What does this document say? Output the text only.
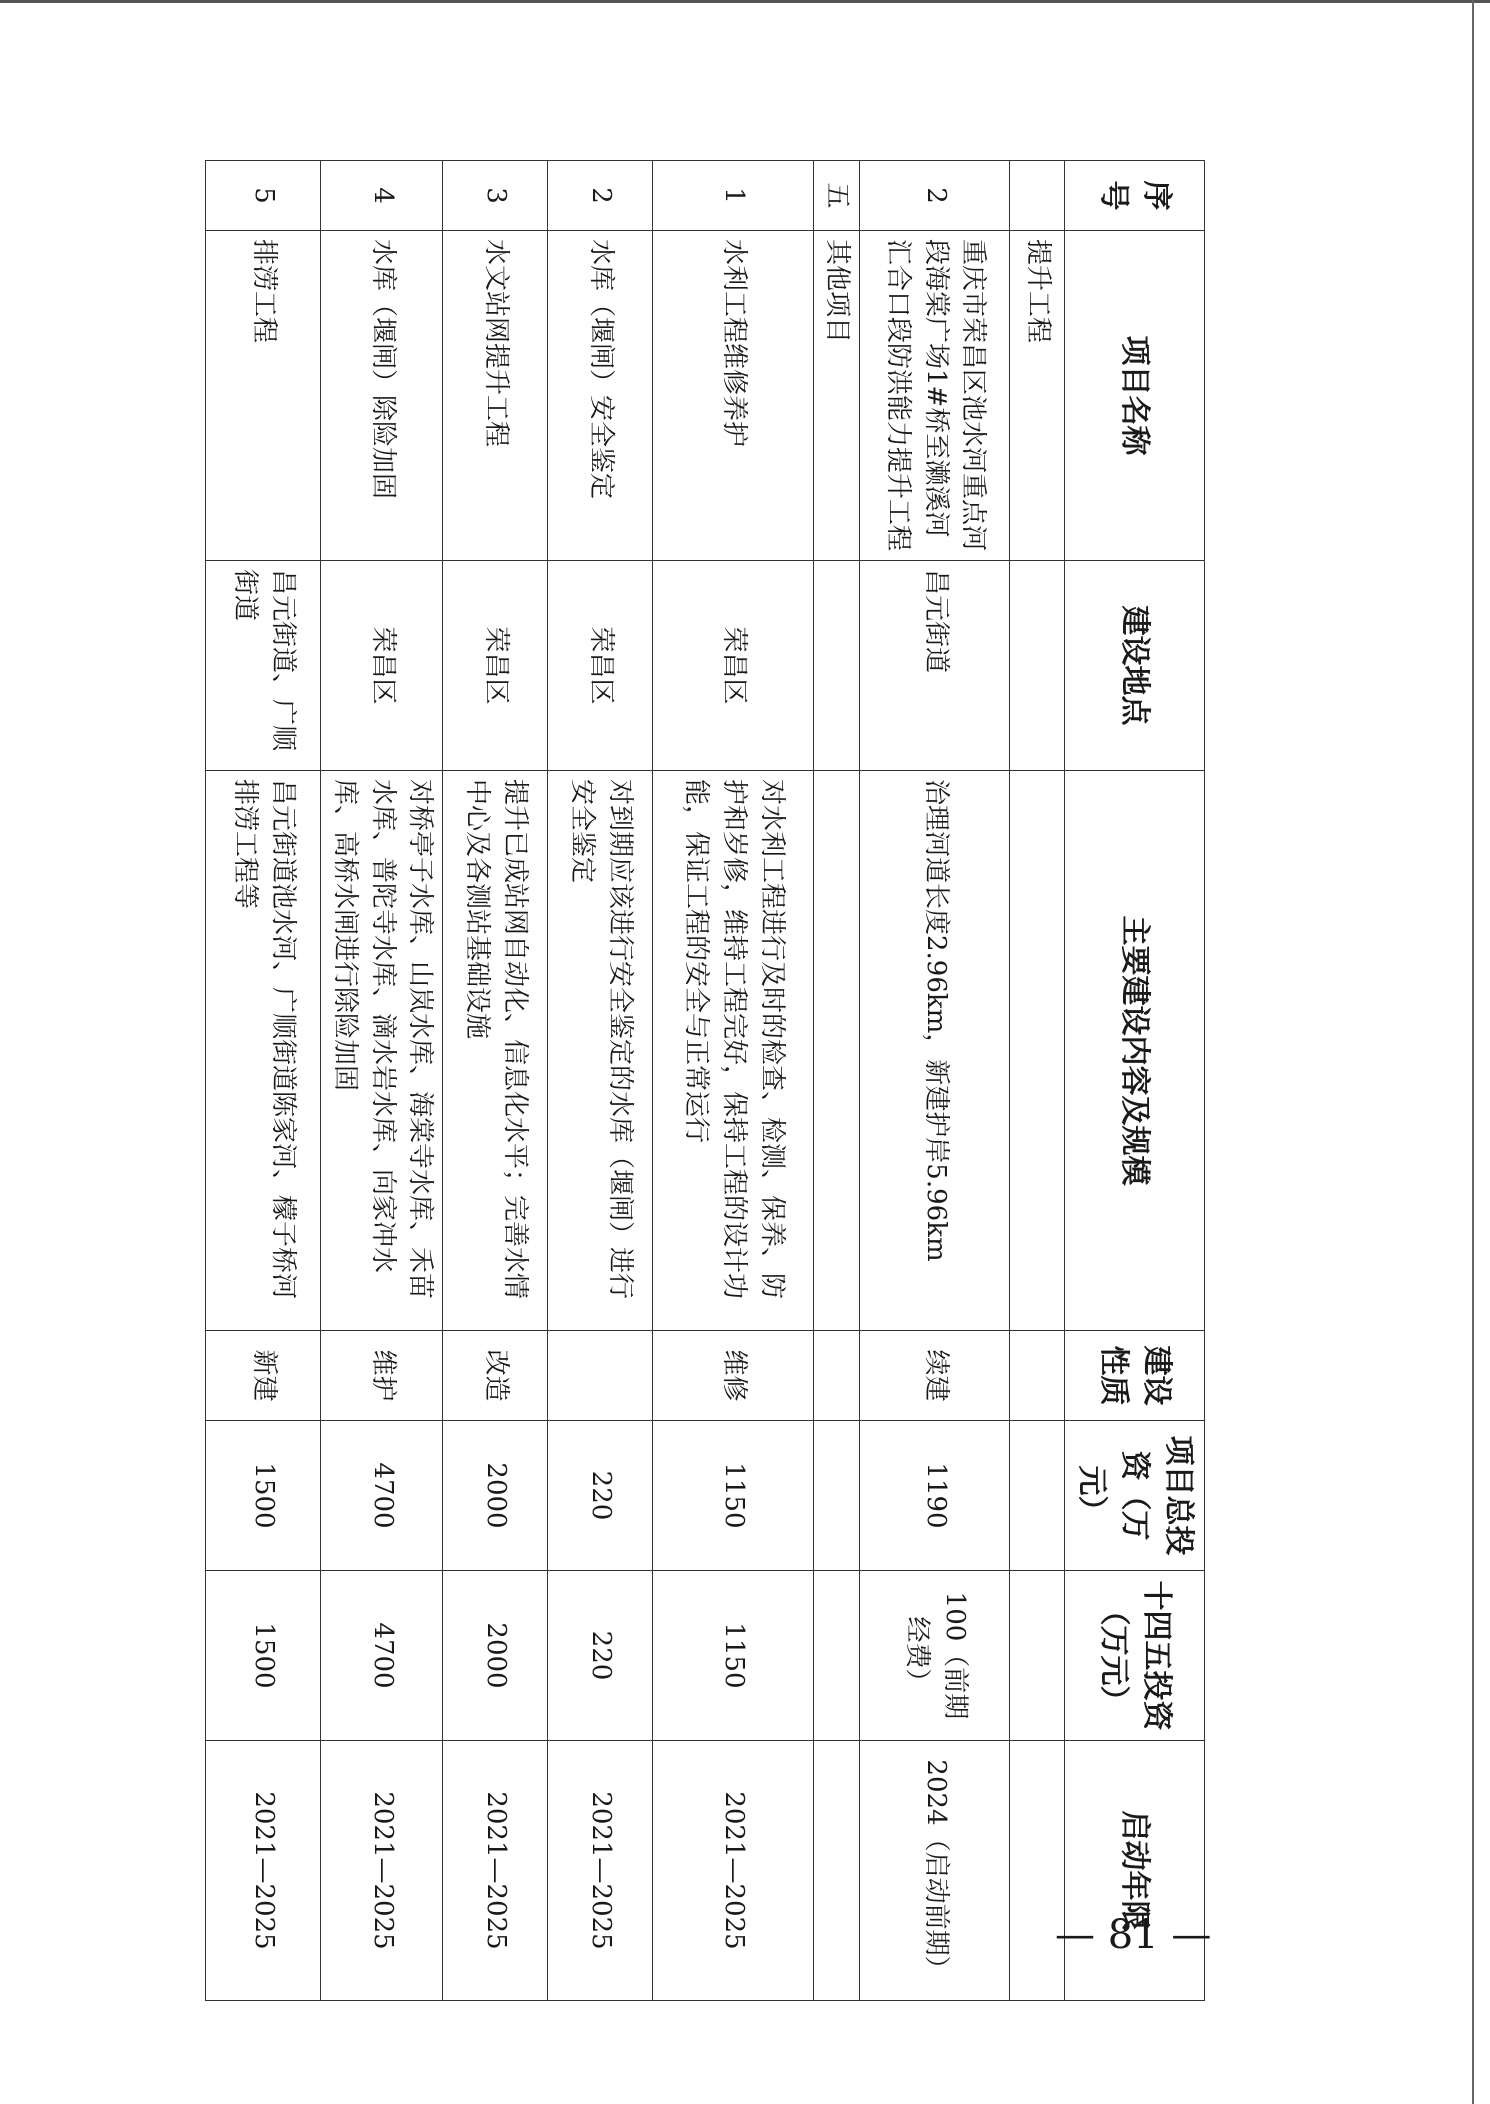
序号	项目名称	建设地点	主要建设内容及规模	建设性质	项目总投资（万元）	十四五投资（万元）	启动年限
	提升工程						
2	重庆市荣昌区池水河重点河段海棠广场1#桥至濑溪河汇合口段防洪能力提升工程	昌元街道	治理河道长度2.96km，新建护岸5.96km	续建	1190	100（前期经费）	2024（启动前期）
五	其他项目						
1	水利工程维修养护	荣昌区	对水利工程进行及时的检查、检测、保养、防护和岁修，维持工程完好，保持工程的设计功能，保证工程的安全与正常运行	维修	1150	1150	2021—2025
2	水库（堰闸）安全鉴定	荣昌区	对到期应该进行安全鉴定的水库（堰闸）进行安全鉴定		220	220	2021—2025
3	水文站网提升工程	荣昌区	提升已成站网自动化、信息化水平；完善水情中心及各测站基础设施	改造	2000	2000	2021—2025
4	水库（堰闸）除险加固	荣昌区	对桥亭子水库、山岚水库、海棠寺水库、禾苗水库、普陀寺水库、滴水岩水库、向家冲水库、高桥水闸进行除险加固	维护	4700	4700	2021—2025
5	排涝工程	昌元街道、广顺街道	昌元街道池水河、广顺街道陈家河、檬子桥河排涝工程等	新建	1500	1500	2021—2025	— 81 —
